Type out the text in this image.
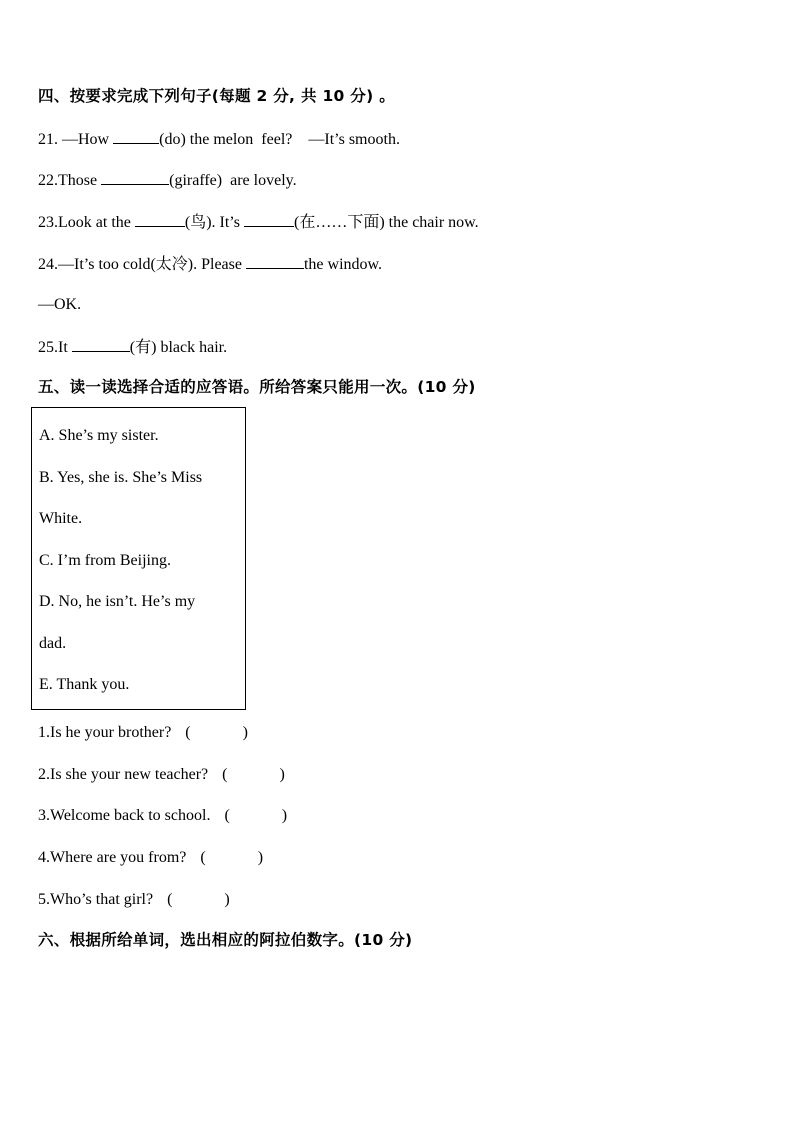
四、按要求完成下列句子(每题 2 分, 共 10 分) 。
21. —How	(do) the melon  feel?    —It’s smooth.
22.Those	(giraffe)  are lovely.
23.Look at the	(鸟). It’s	(在……下面) the chair now.
24.—It’s too cold(太冷). Please	the window.
—OK.
25.It	(有) black hair.
五、读一读选择合适的应答语。所给答案只能用一次。(10 分)
A. She’s my sister.
B. Yes, she is. She’s Miss
White.
C. I’m from Beijing.
D. No, he isn’t. He’s my
dad.
E. Thank you.
1.Is he your brother? (	)
2.Is she your new teacher? (	)
3.Welcome back to school. (	)
4.Where are you from? (	)
5.Who’s that girl? (	)
六、根据所给单词，选出相应的阿拉伯数字。(10 分)
